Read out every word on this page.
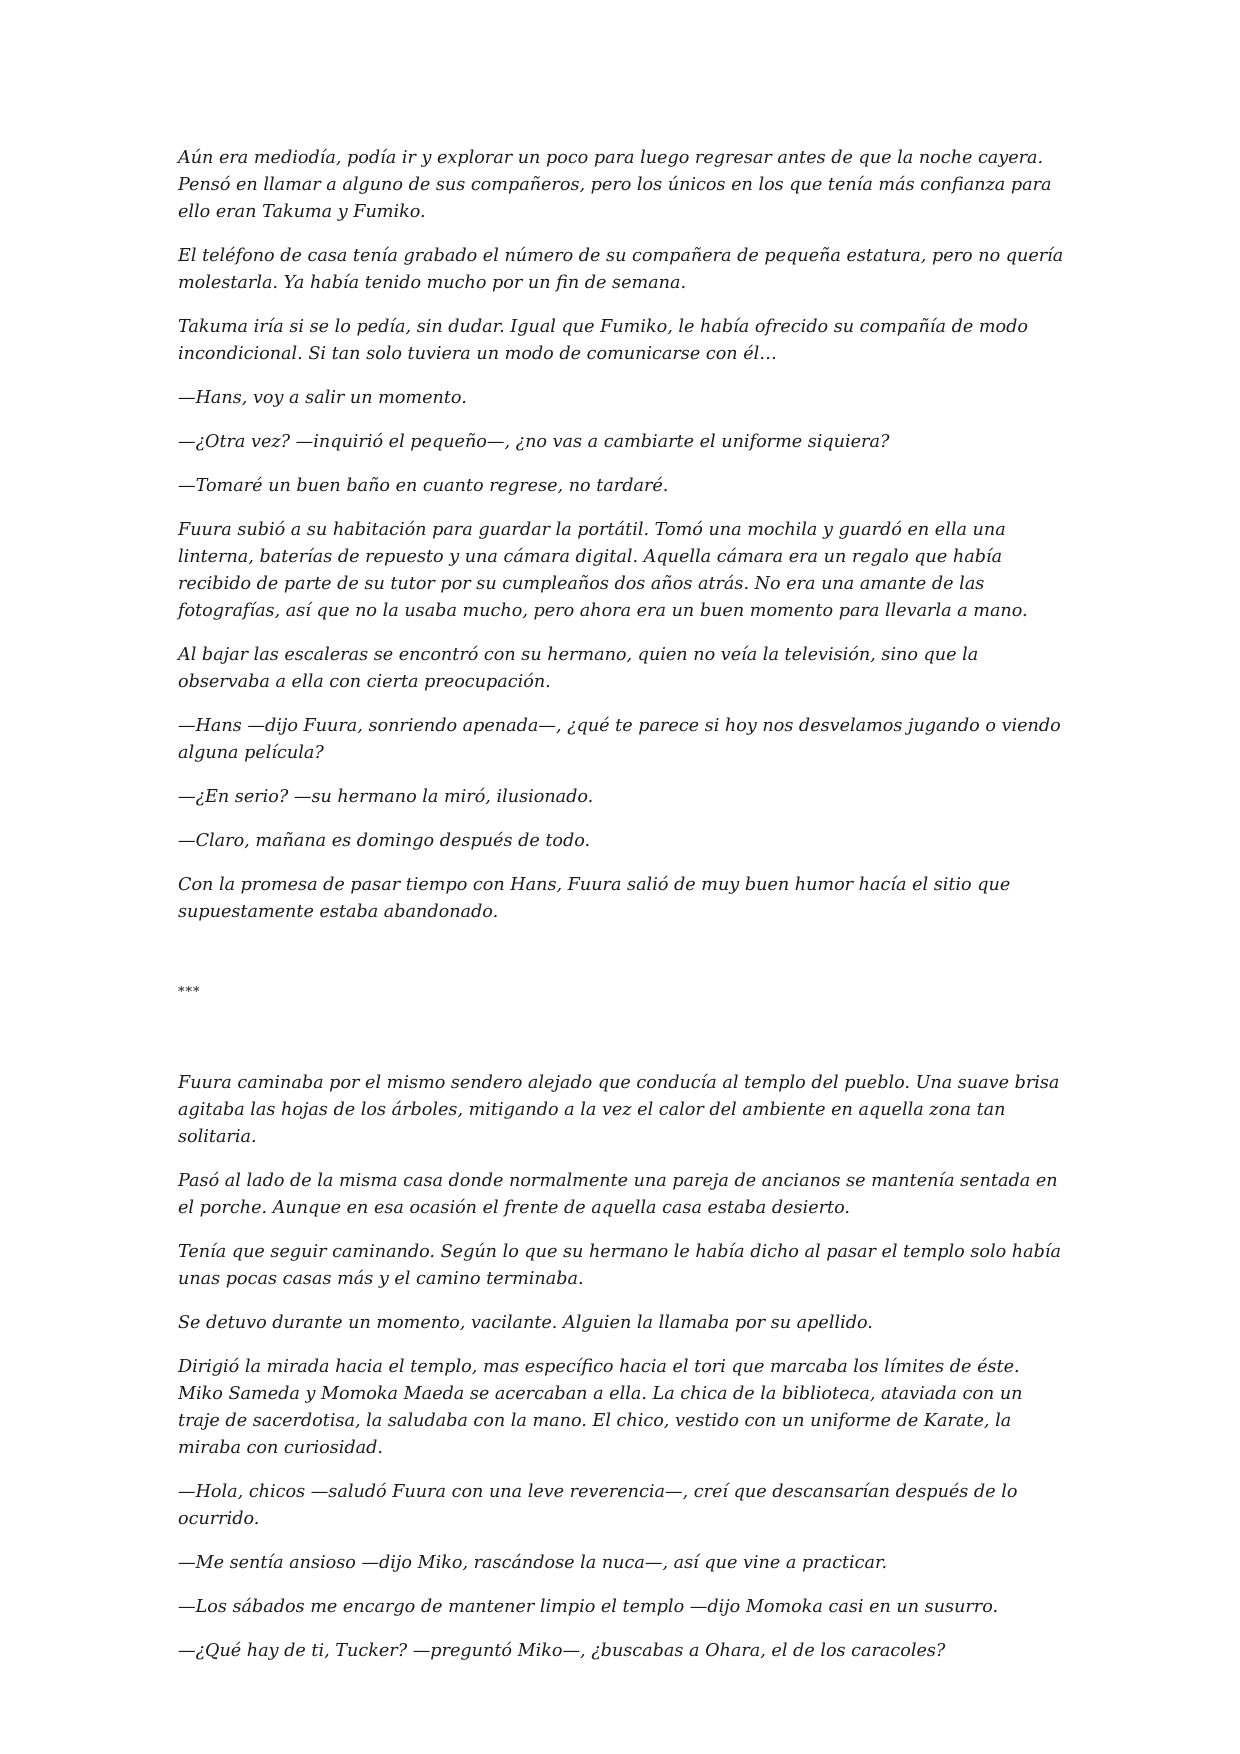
Aún era mediodía, podía ir y explorar un poco para luego regresar antes de que la noche cayera. Pensó en llamar a alguno de sus compañeros, pero los únicos en los que tenía más confianza para ello eran Takuma y Fumiko.

El teléfono de casa tenía grabado el número de su compañera de pequeña estatura, pero no quería molestarla. Ya había tenido mucho por un fin de semana.

Takuma iría si se lo pedía, sin dudar. Igual que Fumiko, le había ofrecido su compañía de modo incondicional. Si tan solo tuviera un modo de comunicarse con él…

—Hans, voy a salir un momento.

—¿Otra vez? —inquirió el pequeño—, ¿no vas a cambiarte el uniforme siquiera?

—Tomaré un buen baño en cuanto regrese, no tardaré.

Fuura subió a su habitación para guardar la portátil. Tomó una mochila y guardó en ella una linterna, baterías de repuesto y una cámara digital. Aquella cámara era un regalo que había recibido de parte de su tutor por su cumpleaños dos años atrás. No era una amante de las fotografías, así que no la usaba mucho, pero ahora era un buen momento para llevarla a mano.

Al bajar las escaleras se encontró con su hermano, quien no veía la televisión, sino que la observaba a ella con cierta preocupación.

—Hans —dijo Fuura, sonriendo apenada—, ¿qué te parece si hoy nos desvelamos jugando o viendo alguna película?

—¿En serio? —su hermano la miró, ilusionado.

—Claro, mañana es domingo después de todo.

Con la promesa de pasar tiempo con Hans, Fuura salió de muy buen humor hacía el sitio que supuestamente estaba abandonado.

***

Fuura caminaba por el mismo sendero alejado que conducía al templo del pueblo. Una suave brisa agitaba las hojas de los árboles, mitigando a la vez el calor del ambiente en aquella zona tan solitaria.

Pasó al lado de la misma casa donde normalmente una pareja de ancianos se mantenía sentada en el porche. Aunque en esa ocasión el frente de aquella casa estaba desierto.

Tenía que seguir caminando. Según lo que su hermano le había dicho al pasar el templo solo había unas pocas casas más y el camino terminaba.

Se detuvo durante un momento, vacilante. Alguien la llamaba por su apellido.

Dirigió la mirada hacia el templo, mas específico hacia el tori que marcaba los límites de éste. Miko Sameda y Momoka Maeda se acercaban a ella. La chica de la biblioteca, ataviada con un traje de sacerdotisa, la saludaba con la mano. El chico, vestido con un uniforme de Karate, la miraba con curiosidad.

—Hola, chicos —saludó Fuura con una leve reverencia—, creí que descansarían después de lo ocurrido.

—Me sentía ansioso —dijo Miko, rascándose la nuca—, así que vine a practicar.

—Los sábados me encargo de mantener limpio el templo —dijo Momoka casi en un susurro.

—¿Qué hay de ti, Tucker? —preguntó Miko—, ¿buscabas a Ohara, el de los caracoles?
